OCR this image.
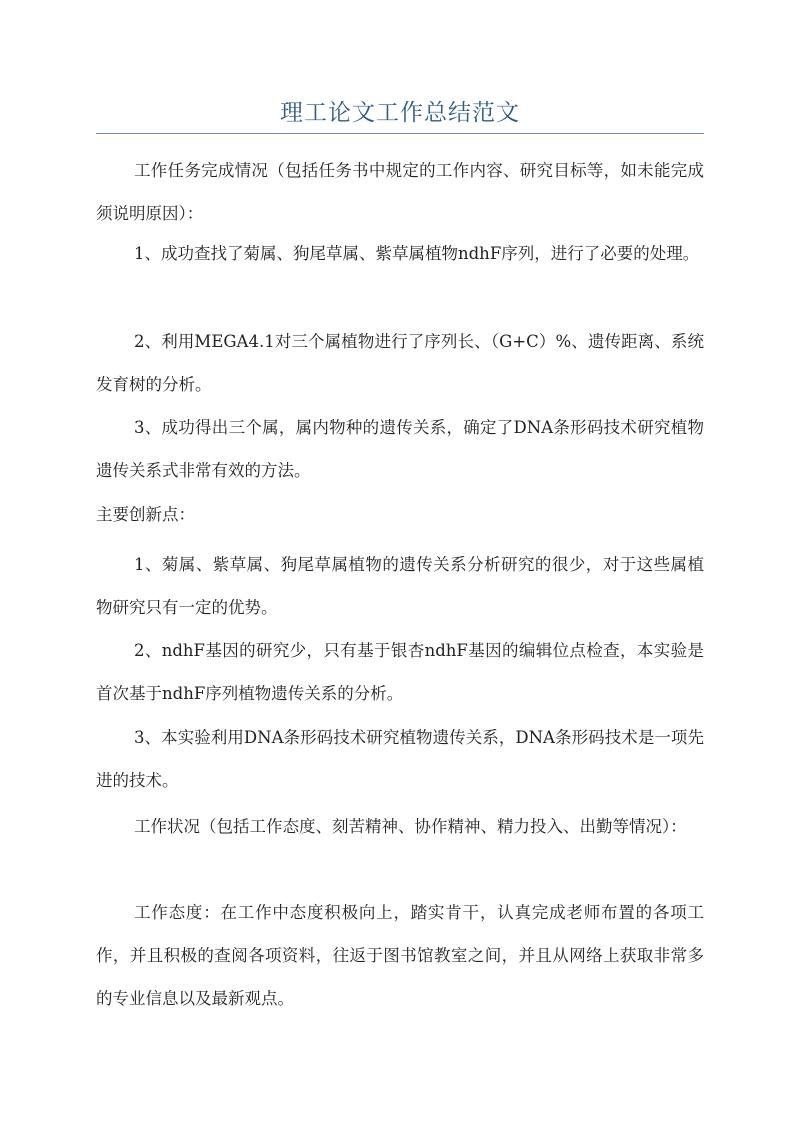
理工论文工作总结范文

工作任务完成情况（包括任务书中规定的工作内容、研究目标等，如未能完成须说明原因）：

1、成功查找了菊属、狗尾草属、紫草属植物ndhF序列，进行了必要的处理。

2、利用MEGA4.1对三个属植物进行了序列长、（G+C）%、遗传距离、系统发育树的分析。

3、成功得出三个属，属内物种的遗传关系，确定了DNA条形码技术研究植物遗传关系式非常有效的方法。

主要创新点：

1、菊属、紫草属、狗尾草属植物的遗传关系分析研究的很少，对于这些属植物研究只有一定的优势。

2、ndhF基因的研究少，只有基于银杏ndhF基因的编辑位点检查，本实验是首次基于ndhF序列植物遗传关系的分析。

3、本实验利用DNA条形码技术研究植物遗传关系，DNA条形码技术是一项先进的技术。

工作状况（包括工作态度、刻苦精神、协作精神、精力投入、出勤等情况）：

工作态度：在工作中态度积极向上，踏实肯干，认真完成老师布置的各项工作，并且积极的查阅各项资料，往返于图书馆教室之间，并且从网络上获取非常多的专业信息以及最新观点。
